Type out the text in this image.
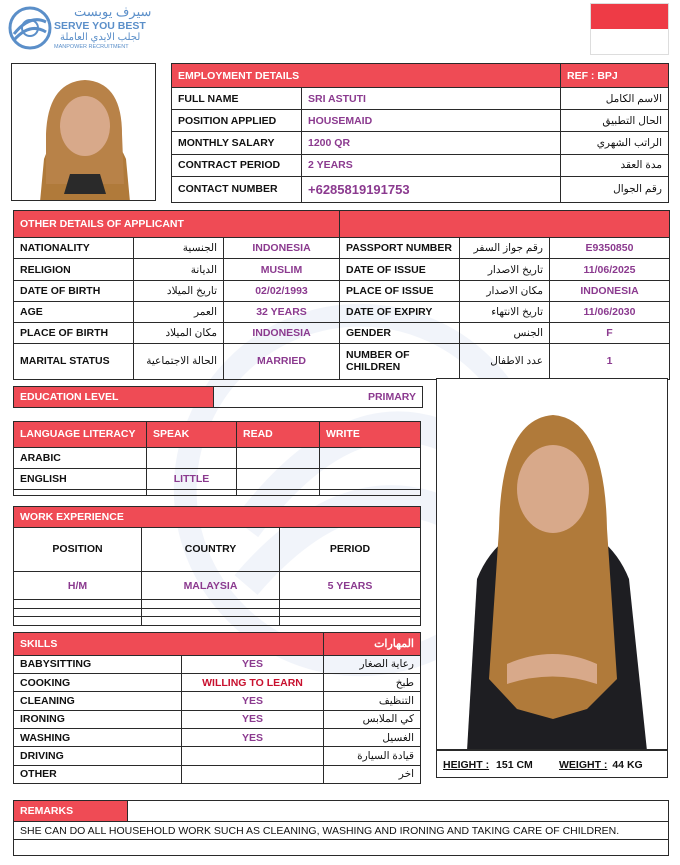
سيرف يوبست
SERVE YOU BEST
لجلب الايدي العاملة
MANPOWER RECRUITMENT
EMPLOYMENT DETAILS		REF : BPJ
FULL NAME	SRI ASTUTI	الاسم الكامل
POSITION APPLIED	HOUSEMAID	الحال التطبيق
MONTHLY SALARY	1200 QR	الراتب الشهري
CONTRACT PERIOD	2 YEARS	مدة العقد
CONTACT NUMBER	+6285819191753	رقم الجوال
OTHER DETAILS OF APPLICANT					
NATIONALITY	الجنسية	INDONESIA	PASSPORT NUMBER	رقم جواز السفر	E9350850
RELIGION	الديانة	MUSLIM	DATE OF ISSUE	تاريخ الاصدار	11/06/2025
DATE OF BIRTH	تاريخ الميلاد	02/02/1993	PLACE OF ISSUE	مكان الاصدار	INDONESIA
AGE	العمر	32 YEARS	DATE OF EXPIRY	تاريخ الانتهاء	11/06/2030
PLACE OF BIRTH	مكان الميلاد	INDONESIA	GENDER	الجنس	F
MARITAL STATUS	الحالة الاجتماعية	MARRIED	NUMBER OF CHILDREN	عدد الاطفال	1
EDUCATION LEVEL	PRIMARY
LANGUAGE LITERACY	SPEAK	READ	WRITE
ARABIC			
ENGLISH	LITTLE		

WORK EXPERIENCE		
POSITION	COUNTRY	PERIOD
H/M	MALAYSIA	5 YEARS

SKILLS		المهارات
BABYSITTING	YES	رعاية الصغار
COOKING	WILLING TO LEARN	طبخ
CLEANING	YES	التنظيف
IRONING	YES	كي الملابس
WASHING	YES	الغسيل
DRIVING		قيادة السيارة
OTHER		اخر
HEIGHT : 151 CM WEIGHT : 44 KG
REMARKS	
SHE CAN DO ALL HOUSEHOLD WORK SUCH AS CLEANING, WASHING AND IRONING AND TAKING CARE OF CHILDREN.
